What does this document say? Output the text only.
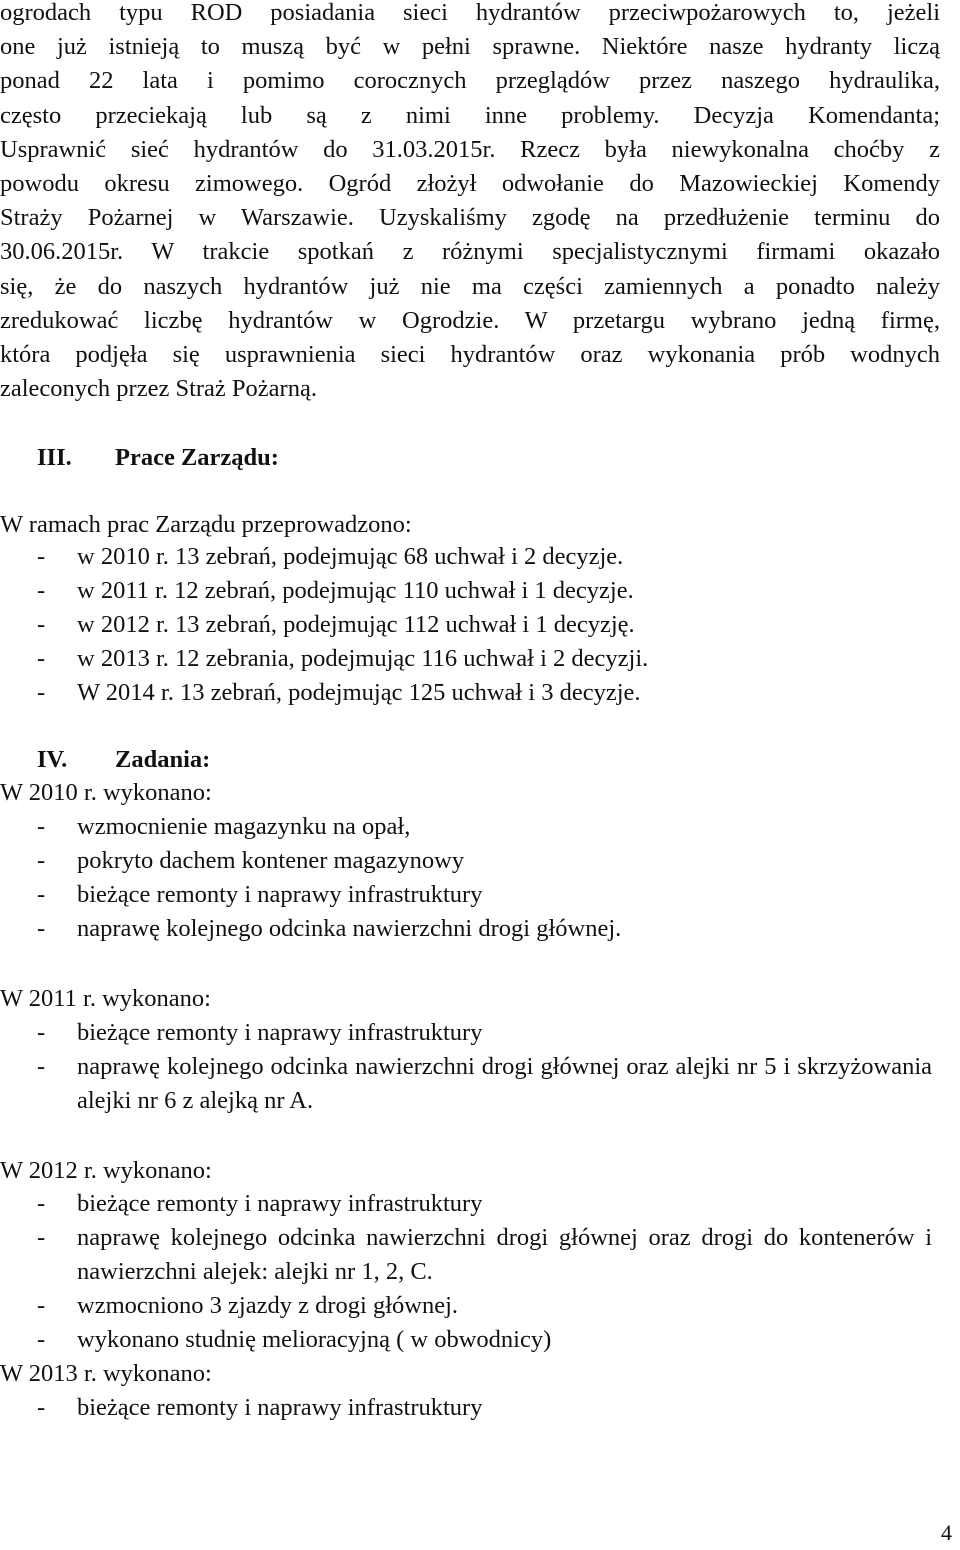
ogrodach typu ROD posiadania sieci hydrantów przeciwpożarowych to, jeżeli
one już istnieją to muszą być w pełni sprawne. Niektóre nasze hydranty liczą
ponad 22 lata i pomimo corocznych przeglądów przez naszego hydraulika,
często przeciekają lub są z nimi inne problemy. Decyzja Komendanta;
Usprawnić sieć hydrantów do 31.03.2015r. Rzecz była niewykonalna choćby z
powodu okresu zimowego. Ogród złożył odwołanie do Mazowieckiej Komendy
Straży Pożarnej w Warszawie. Uzyskaliśmy zgodę na przedłużenie terminu do
30.06.2015r. W trakcie spotkań z różnymi specjalistycznymi firmami okazało
się, że do naszych hydrantów już nie ma części zamiennych a ponadto należy
zredukować liczbę hydrantów w Ogrodzie. W przetargu wybrano jedną firmę,
która podjęła się usprawnienia sieci hydrantów oraz wykonania prób wodnych
zaleconych przez Straż Pożarną.
III. Prace Zarządu:
W ramach prac Zarządu przeprowadzono:
- w 2010 r. 13 zebrań, podejmując 68 uchwał i 2 decyzje.
- w 2011 r. 12 zebrań, podejmując 110 uchwał i 1 decyzje.
- w 2012 r. 13 zebrań, podejmując 112 uchwał i 1 decyzję.
- w 2013 r. 12 zebrania, podejmując 116 uchwał i 2 decyzji.
- W 2014 r. 13 zebrań, podejmując 125 uchwał i 3 decyzje.
IV. Zadania:
W 2010 r. wykonano:
- wzmocnienie magazynku na opał,
- pokryto dachem kontener magazynowy
- bieżące remonty i naprawy infrastruktury
- naprawę kolejnego odcinka nawierzchni drogi głównej.
W 2011 r. wykonano:
- bieżące remonty i naprawy infrastruktury
- naprawę kolejnego odcinka nawierzchni drogi głównej oraz alejki nr 5 i skrzyżowania alejki nr 6 z alejką nr A.
W 2012 r. wykonano:
- bieżące remonty i naprawy infrastruktury
- naprawę kolejnego odcinka nawierzchni drogi głównej oraz drogi do kontenerów i nawierzchni alejek: alejki nr 1, 2, C.
- wzmocniono 3 zjazdy z drogi głównej.
- wykonano studnię melioracyjną ( w obwodnicy)
W 2013 r. wykonano:
- bieżące remonty i naprawy infrastruktury
4
